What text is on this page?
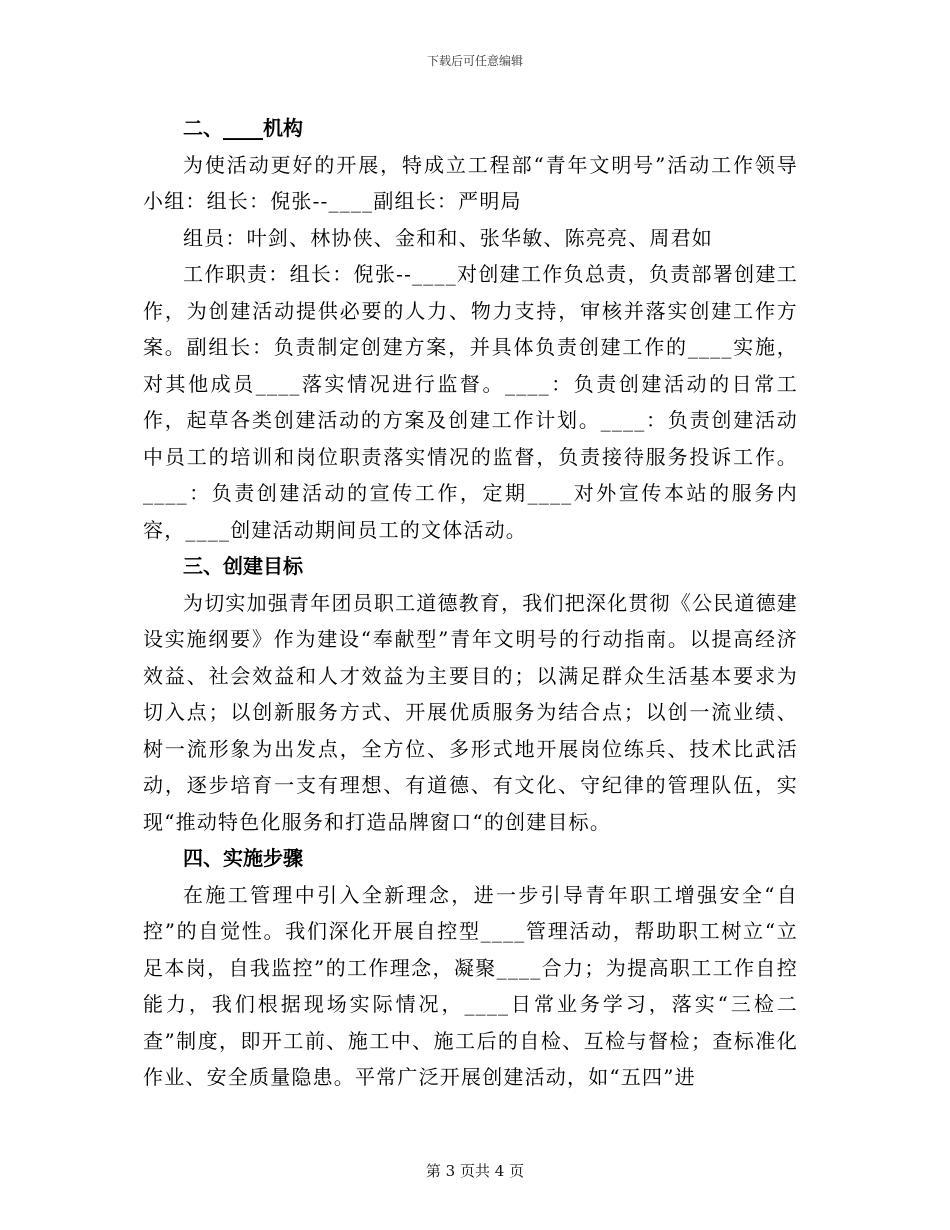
下载后可任意编辑

二、____机构

为使活动更好的开展，特成立工程部“青年文明号”活动工作领导小组：组长：倪张--____副组长：严明局

组员：叶剑、林协侠、金和和、张华敏、陈亮亮、周君如

工作职责：组长：倪张--____对创建工作负总责，负责部署创建工作，为创建活动提供必要的人力、物力支持，审核并落实创建工作方案。副组长：负责制定创建方案，并具体负责创建工作的____实施，对其他成员____落实情况进行监督。____：负责创建活动的日常工作，起草各类创建活动的方案及创建工作计划。____：负责创建活动中员工的培训和岗位职责落实情况的监督，负责接待服务投诉工作。____：负责创建活动的宣传工作，定期____对外宣传本站的服务内容，____创建活动期间员工的文体活动。

三、创建目标

为切实加强青年团员职工道德教育，我们把深化贯彻《公民道德建设实施纲要》作为建设“奉献型”青年文明号的行动指南。以提高经济效益、社会效益和人才效益为主要目的；以满足群众生活基本要求为切入点；以创新服务方式、开展优质服务为结合点；以创一流业绩、树一流形象为出发点，全方位、多形式地开展岗位练兵、技术比武活动，逐步培育一支有理想、有道德、有文化、守纪律的管理队伍，实现“推动特色化服务和打造品牌窗口“的创建目标。

四、实施步骤

在施工管理中引入全新理念，进一步引导青年职工增强安全“自控”的自觉性。我们深化开展自控型____管理活动，帮助职工树立“立足本岗，自我监控”的工作理念，凝聚____合力；为提高职工工作自控能力，我们根据现场实际情况，____日常业务学习，落实“三检二查”制度，即开工前、施工中、施工后的自检、互检与督检；查标准化作业、安全质量隐患。平常广泛开展创建活动，如“五四”进

第 3 页共 4 页
